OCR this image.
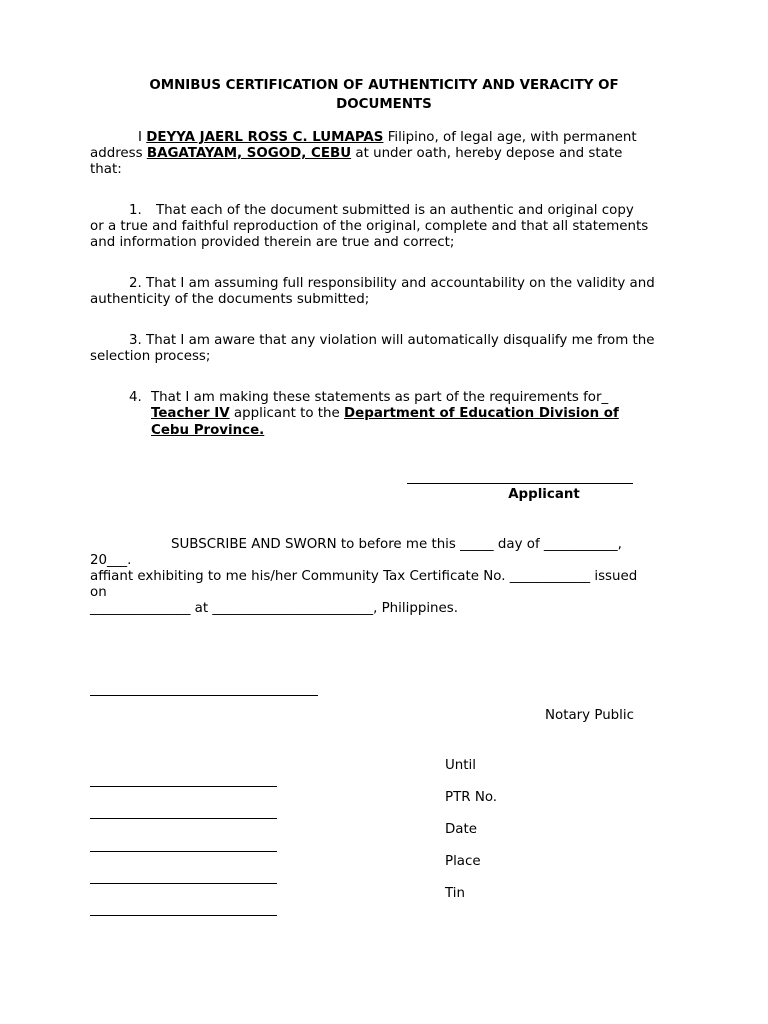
OMNIBUS CERTIFICATION OF AUTHENTICITY AND VERACITY OF
DOCUMENTS
I DEYYA JAERL ROSS C. LUMAPAS Filipino, of legal age, with permanent
address BAGATAYAM, SOGOD, CEBU at under oath, hereby depose and state
that:
1. That each of the document submitted is an authentic and original copy
or a true and faithful reproduction of the original, complete and that all statements
and information provided therein are true and correct;
2. That I am assuming full responsibility and accountability on the validity and
authenticity of the documents submitted;
3. That I am aware that any violation will automatically disqualify me from the
selection process;
4. That I am making these statements as part of the requirements for_
Teacher IV applicant to the Department of Education Division of
Cebu Province.
Applicant
SUBSCRIBE AND SWORN to before me this _____ day of ___________,
20___.
affiant exhibiting to me his/her Community Tax Certificate No. ____________ issued
on
_______________ at ________________________, Philippines.
Notary Public
Until
PTR No.
Date
Place
Tin
